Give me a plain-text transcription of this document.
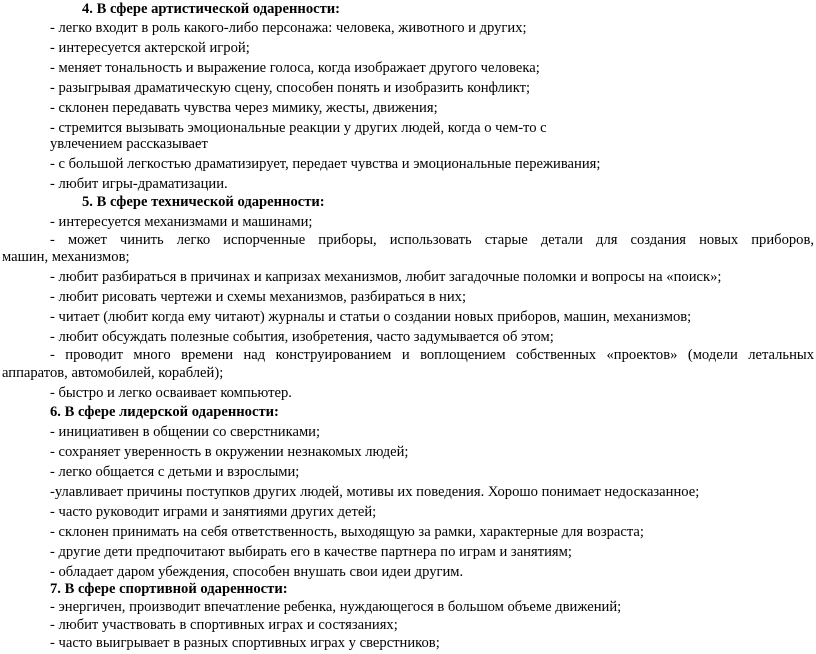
4. В сфере артистической одаренности:
- легко входит в роль какого-либо персонажа: человека, животного и других;
- интересуется актерской игрой;
- меняет тональность и выражение голоса, когда изображает другого человека;
- разыгрывая драматическую сцену, способен понять и изобразить конфликт;
- склонен передавать чувства через мимику, жесты, движения;
- стремится вызывать эмоциональные реакции у других людей, когда о чем-то с
увлечением рассказывает
- с большой легкостью драматизирует, передает чувства и эмоциональные переживания;
- любит игры-драматизации.
5. В сфере технической одаренности:
- интересуется механизмами и машинами;
- может чинить легко испорченные приборы, использовать старые детали для создания новых приборов,
машин, механизмов;
- любит разбираться в причинах и капризах механизмов, любит загадочные поломки и вопросы на «поиск»;
- любит рисовать чертежи и схемы механизмов, разбираться в них;
- читает (любит когда ему читают) журналы и статьи о создании новых приборов, машин, механизмов;
- любит обсуждать полезные события, изобретения, часто задумывается об этом;
- проводит много времени над конструированием и воплощением собственных «проектов» (модели летальных
аппаратов, автомобилей, кораблей);
- быстро и легко осваивает компьютер.
6. В сфере лидерской одаренности:
- инициативен в общении со сверстниками;
- сохраняет уверенность в окружении незнакомых людей;
- легко общается с детьми и взрослыми;
-улавливает причины поступков других людей, мотивы их поведения. Хорошо понимает недосказанное;
- часто руководит играми и занятиями других детей;
- склонен принимать на себя ответственность, выходящую за рамки, характерные для возраста;
- другие дети предпочитают выбирать его в качестве партнера по играм и занятиям;
- обладает даром убеждения, способен внушать свои идеи другим.
7. В сфере спортивной одаренности:
- энергичен, производит впечатление ребенка, нуждающегося в большом объеме движений;
- любит участвовать в спортивных играх и состязаниях;
- часто выигрывает в разных спортивных играх у сверстников;
